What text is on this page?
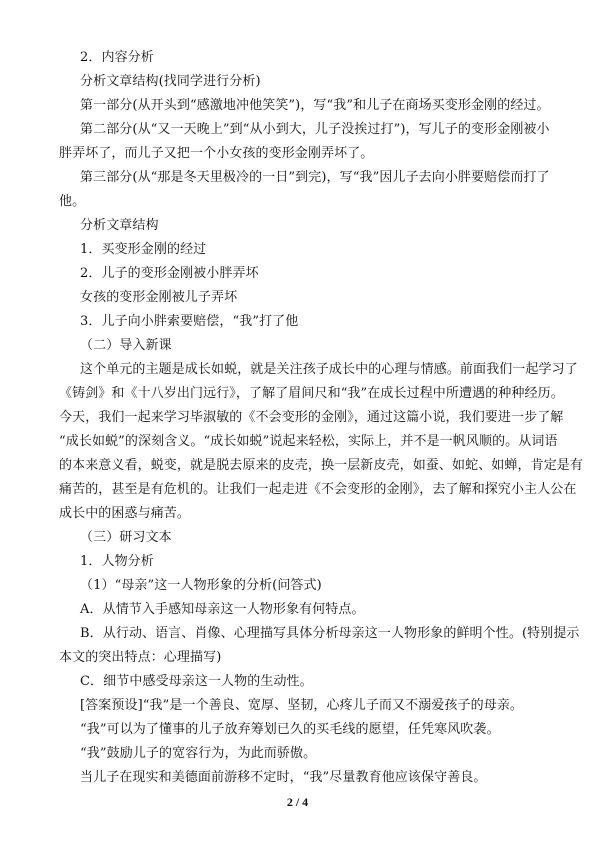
2．内容分析
分析文章结构(找同学进行分析)
第一部分(从开头到“感激地冲他笑笑”)，写“我”和儿子在商场买变形金刚的经过。
第二部分(从“又一天晚上”到“从小到大，儿子没挨过打”)，写儿子的变形金刚被小
胖弄坏了，而儿子又把一个小女孩的变形金刚弄坏了。
第三部分(从“那是冬天里极冷的一日”到完)，写“我”因儿子去向小胖要赔偿而打了
他。
分析文章结构
1．买变形金刚的经过
2．儿子的变形金刚被小胖弄坏
女孩的变形金刚被儿子弄坏
3．儿子向小胖索要赔偿，“我”打了他
（二）导入新课
这个单元的主题是成长如蜕，就是关注孩子成长中的心理与情感。前面我们一起学习了
《铸剑》和《十八岁出门远行》，了解了眉间尺和“我”在成长过程中所遭遇的种种经历。
今天，我们一起来学习毕淑敏的《不会变形的金刚》，通过这篇小说，我们要进一步了解
“成长如蜕”的深刻含义。“成长如蜕”说起来轻松，实际上，并不是一帆风顺的。从词语
的本来意义看，蜕变，就是脱去原来的皮壳，换一层新皮壳，如蚕、如蛇、如蝉，肯定是有
痛苦的，甚至是有危机的。让我们一起走进《不会变形的金刚》，去了解和探究小主人公在
成长中的困惑与痛苦。
（三）研习文本
1．人物分析
（1）“母亲”这一人物形象的分析(问答式)
A．从情节入手感知母亲这一人物形象有何特点。
B．从行动、语言、肖像、心理描写具体分析母亲这一人物形象的鲜明个性。(特别提示
本文的突出特点：心理描写)
C．细节中感受母亲这一人物的生动性。
[答案预设]“我”是一个善良、宽厚、坚韧，心疼儿子而又不溺爱孩子的母亲。
“我”可以为了懂事的儿子放弃筹划已久的买毛线的愿望，任凭寒风吹袭。
“我”鼓励儿子的宽容行为，为此而骄傲。
当儿子在现实和美德面前游移不定时，“我”尽量教育他应该保守善良。
2 / 4
